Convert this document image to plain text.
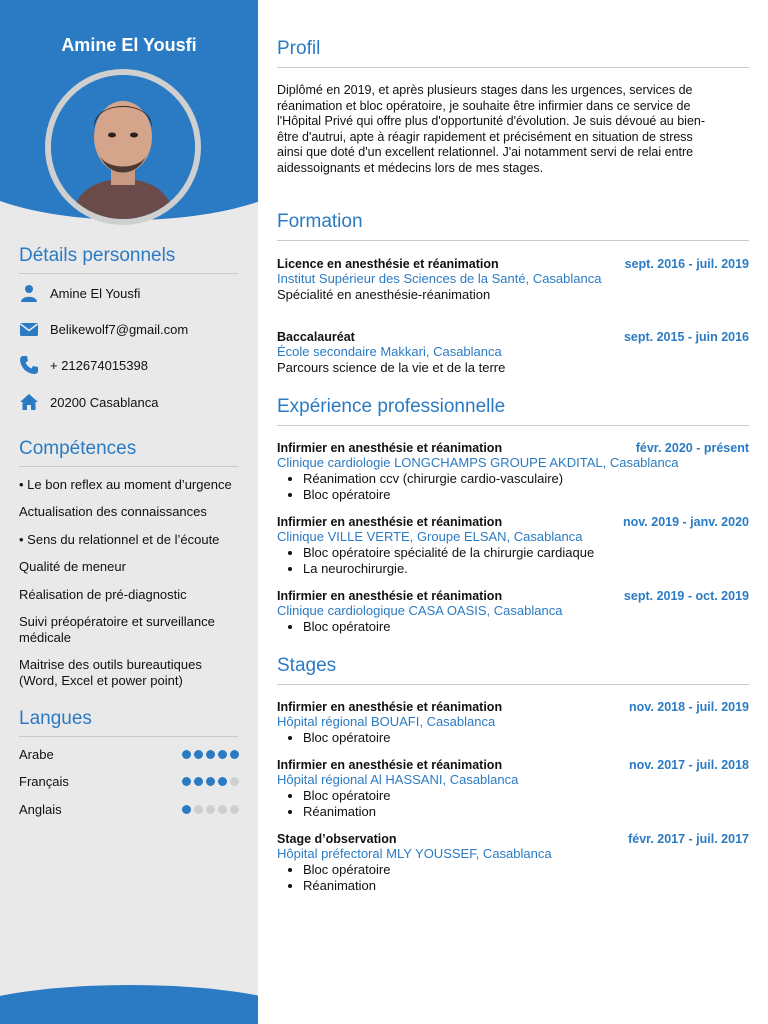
Amine El Yousfi
Détails personnels
Amine El Yousfi
Belikewolf7@gmail.com
+ 212674015398
20200 Casablanca
Compétences
• Le bon reflex au moment d’urgence
Actualisation des connaissances
• Sens du relationnel et de l’écoute
Qualité de meneur
Réalisation de pré-diagnostic
Suivi préopératoire et surveillance médicale
Maitrise des outils bureautiques (Word, Excel et power point)
Langues
Arabe
Français
Anglais
Profil
Diplômé en 2019, et après plusieurs stages dans les urgences, services de réanimation et bloc opératoire, je souhaite être infirmier dans ce service de l'Hôpital Privé qui offre plus d'opportunité d'évolution. Je suis dévoué au bien-être d'autrui, apte à réagir rapidement et précisément en situation de stress ainsi que doté d'un excellent relationnel. J'ai notamment servi de relai entre aidessoignants et médecins lors de mes stages.
Formation
Licence en anesthésie et réanimation	sept. 2016 - juil. 2019
Institut Supérieur des Sciences de la Santé, Casablanca
Spécialité en anesthésie-réanimation
Baccalauréat	sept. 2015 - juin 2016
École secondaire Makkari, Casablanca
Parcours science de la vie et de la terre
Expérience professionnelle
Infirmier en anesthésie et réanimation	févr. 2020 - présent
Clinique cardiologie LONGCHAMPS GROUPE AKDITAL, Casablanca
• Réanimation ccv (chirurgie cardio-vasculaire)
• Bloc opératoire
Infirmier en anesthésie et réanimation	nov. 2019 - janv. 2020
Clinique VILLE VERTE, Groupe ELSAN, Casablanca
• Bloc opératoire spécialité de la chirurgie cardiaque
• La neurochirurgie.
Infirmier en anesthésie et réanimation	sept. 2019 - oct. 2019
Clinique cardiologique CASA OASIS, Casablanca
• Bloc opératoire
Stages
Infirmier en anesthésie et réanimation	nov. 2018 - juil. 2019
Hôpital régional BOUAFI, Casablanca
• Bloc opératoire
Infirmier en anesthésie et réanimation	nov. 2017 - juil. 2018
Hôpital régional Al HASSANI, Casablanca
• Bloc opératoire
• Réanimation
Stage d’observation	févr. 2017 - juil. 2017
Hôpital préfectoral MLY YOUSSEF, Casablanca
• Bloc opératoire
• Réanimation
